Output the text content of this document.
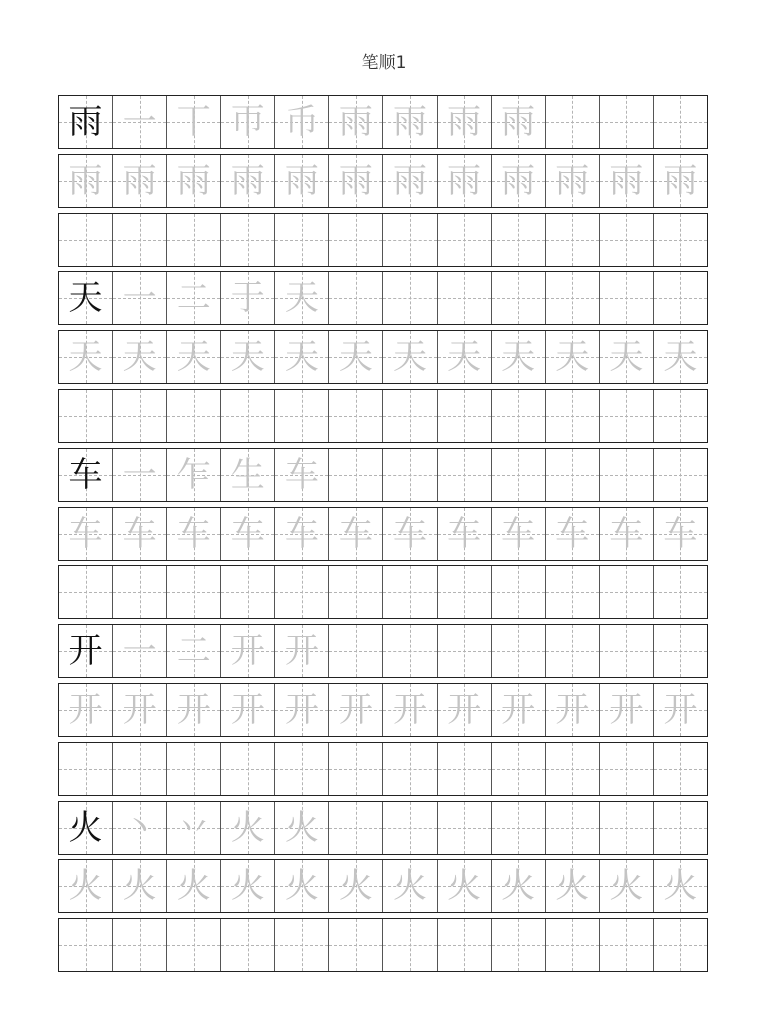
笔顺1
雨 一 丅 帀 币 雨 雨 雨 雨
雨 雨 雨 雨 雨 雨 雨 雨 雨 雨 雨 雨
天 一 二 于 天
天 天 天 天 天 天 天 天 天 天 天 天
车 一 乍 生 车
车 车 车 车 车 车 车 车 车 车 车 车
开 一 二 开 开
开 开 开 开 开 开 开 开 开 开 开 开
火 丶 丷 火 火
火 火 火 火 火 火 火 火 火 火 火 火
